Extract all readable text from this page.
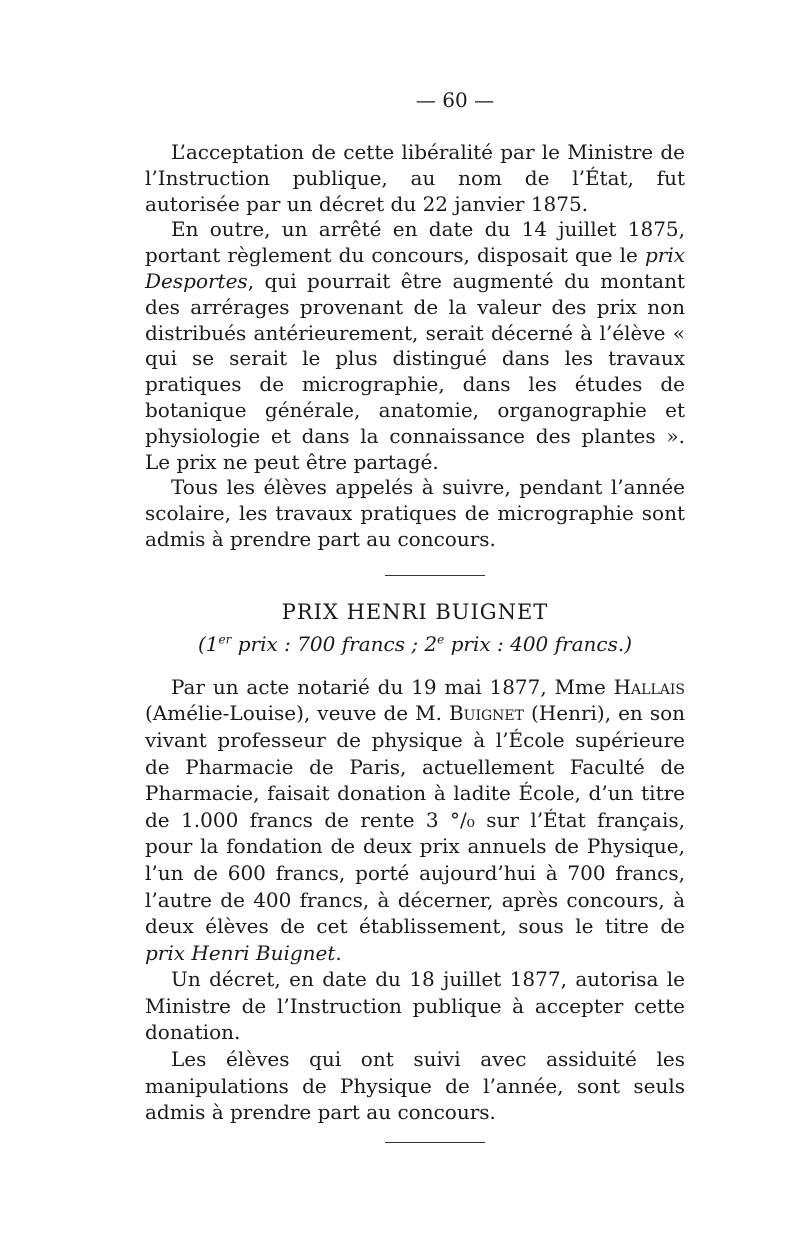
— 60 —

L’acceptation de cette libéralité par le Ministre de l’Instruction publique, au nom de l’État, fut autorisée par un décret du 22 janvier 1875.

En outre, un arrêté en date du 14 juillet 1875, portant règlement du concours, disposait que le prix Desportes, qui pourrait être augmenté du montant des arrérages provenant de la valeur des prix non distribués antérieurement, serait décerné à l’élève « qui se serait le plus distingué dans les travaux pratiques de micrographie, dans les études de botanique générale, anatomie, organographie et physiologie et dans la connaissance des plantes ». Le prix ne peut être partagé.

Tous les élèves appelés à suivre, pendant l’année scolaire, les travaux pratiques de micrographie sont admis à prendre part au concours.

PRIX HENRI BUIGNET
(1er prix : 700 francs ; 2e prix : 400 francs.)

Par un acte notarié du 19 mai 1877, Mme Hallais (Amélie-Louise), veuve de M. Buignet (Henri), en son vivant professeur de physique à l’École supérieure de Pharmacie de Paris, actuellement Faculté de Pharmacie, faisait donation à ladite École, d’un titre de 1.000 francs de rente 3 °/₀ sur l’État français, pour la fondation de deux prix annuels de Physique, l’un de 600 francs, porté aujourd’hui à 700 francs, l’autre de 400 francs, à décerner, après concours, à deux élèves de cet établissement, sous le titre de prix Henri Buignet.

Un décret, en date du 18 juillet 1877, autorisa le Ministre de l’Instruction publique à accepter cette donation.

Les élèves qui ont suivi avec assiduité les manipulations de Physique de l’année, sont seuls admis à prendre part au concours.
